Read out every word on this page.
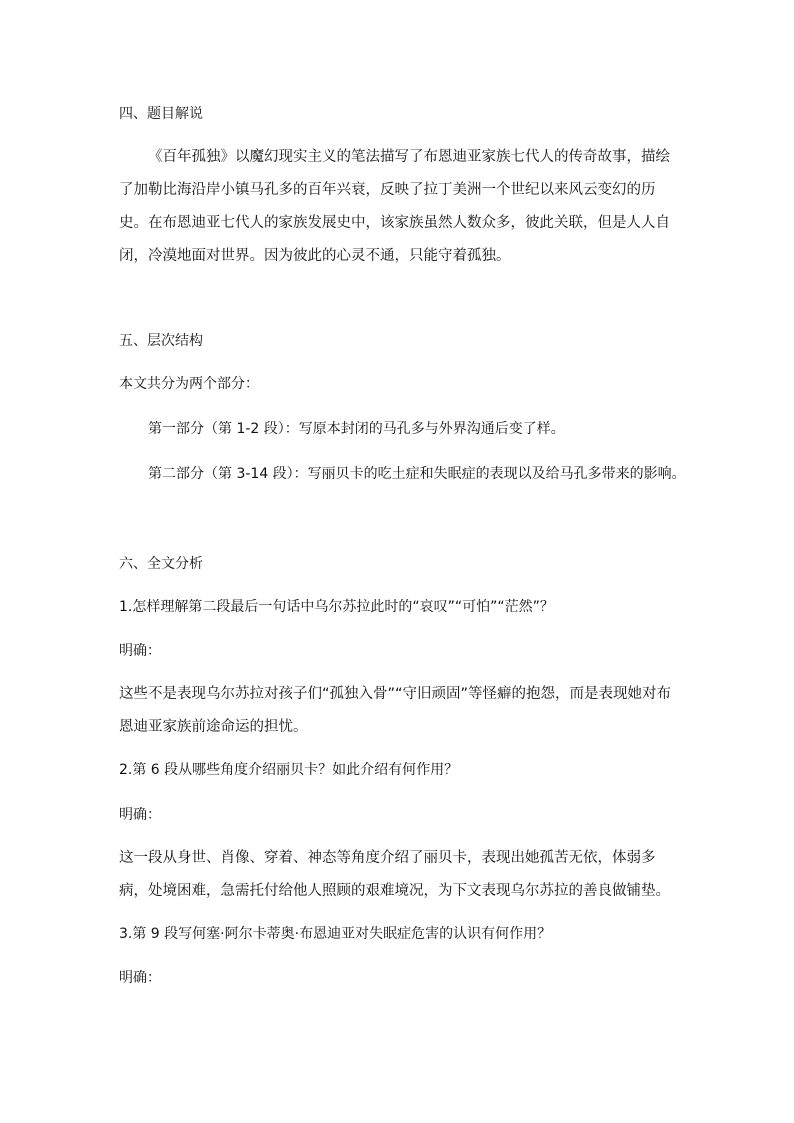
四、题目解说

《百年孤独》以魔幻现实主义的笔法描写了布恩迪亚家族七代人的传奇故事，描绘了加勒比海沿岸小镇马孔多的百年兴衰，反映了拉丁美洲一个世纪以来风云变幻的历史。在布恩迪亚七代人的家族发展史中，该家族虽然人数众多，彼此关联，但是人人自闭，冷漠地面对世界。因为彼此的心灵不通，只能守着孤独。

五、层次结构
本文共分为两个部分：
第一部分（第 1-2 段）：写原本封闭的马孔多与外界沟通后变了样。
第二部分（第 3-14 段）：写丽贝卡的吃土症和失眠症的表现以及给马孔多带来的影响。
六、全文分析
1.怎样理解第二段最后一句话中乌尔苏拉此时的“哀叹”“可怕”“茫然”？
明确：

这些不是表现乌尔苏拉对孩子们“孤独入骨”“守旧顽固”等怪癖的抱怨，而是表现她对布恩迪亚家族前途命运的担忧。

2.第 6 段从哪些角度介绍丽贝卡？如此介绍有何作用？
明确：

这一段从身世、肖像、穿着、神态等角度介绍了丽贝卡，表现出她孤苦无依，体弱多病，处境困难，急需托付给他人照顾的艰难境况，为下文表现乌尔苏拉的善良做铺垫。

3.第 9 段写何塞·阿尔卡蒂奥·布恩迪亚对失眠症危害的认识有何作用？
明确：
